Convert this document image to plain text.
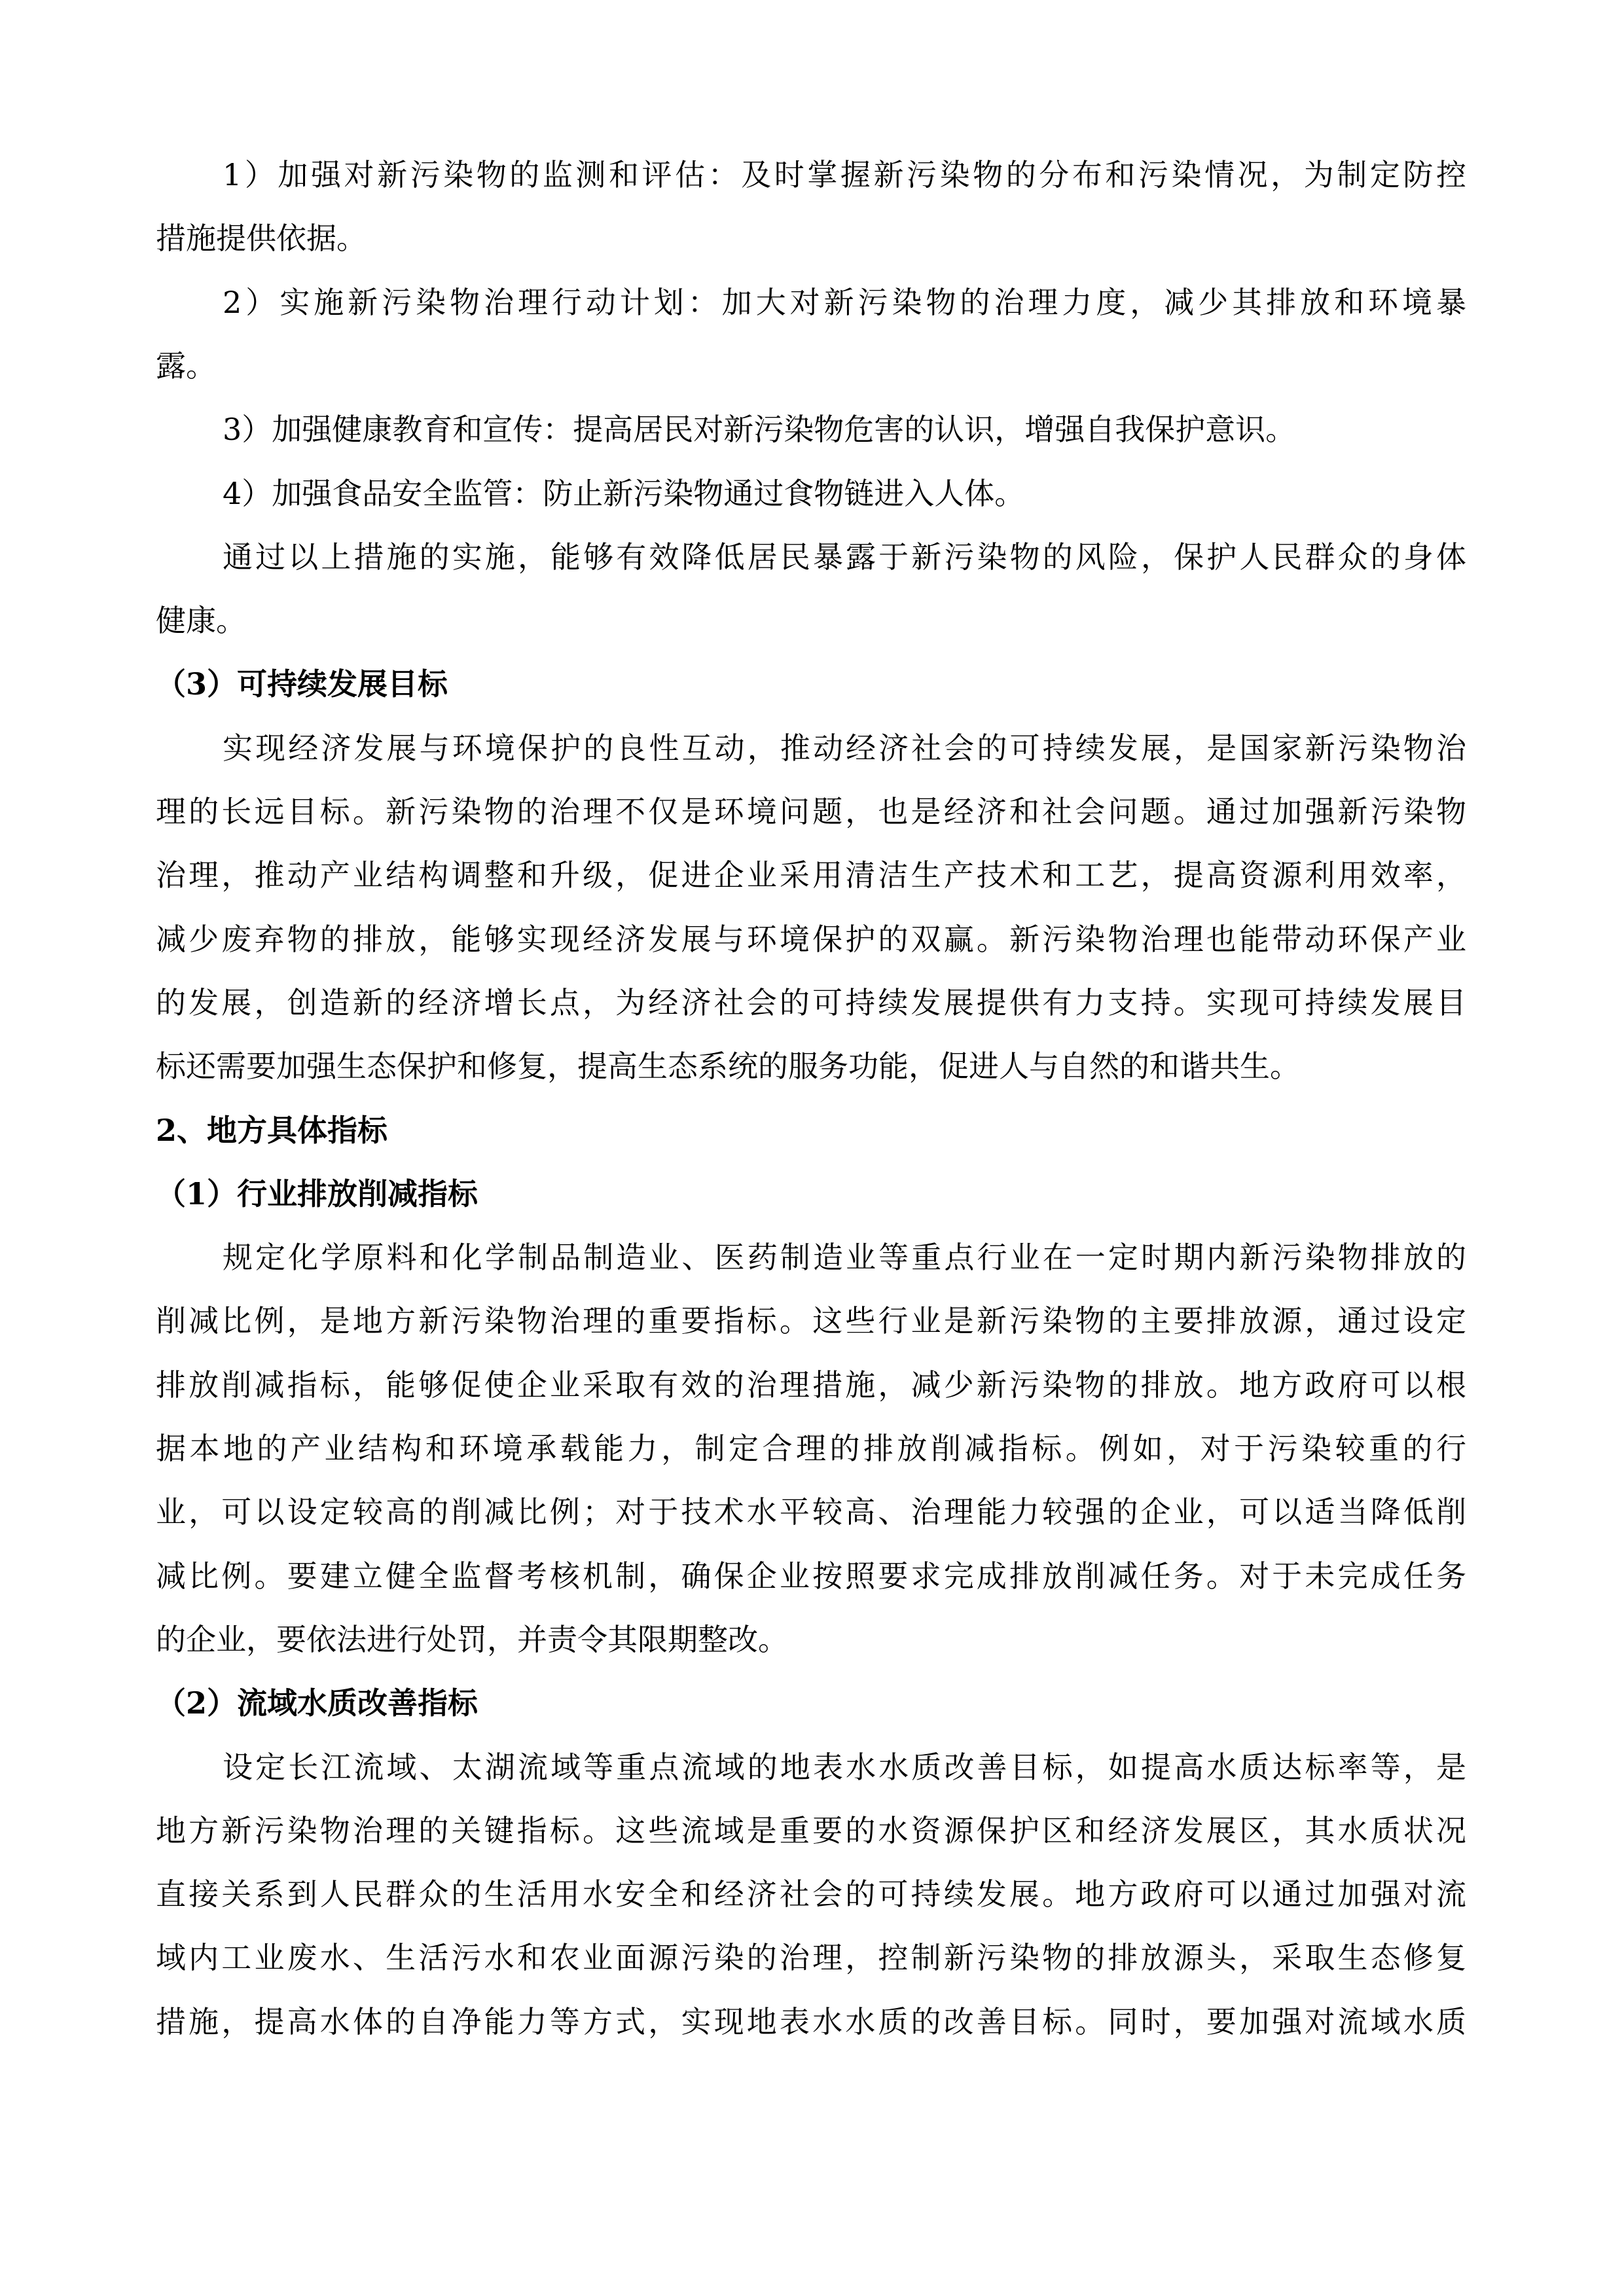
1）加强对新污染物的监测和评估：及时掌握新污染物的分布和污染情况，为制定防控
措施提供依据。
2）实施新污染物治理行动计划：加大对新污染物的治理力度，减少其排放和环境暴
露。
3）加强健康教育和宣传：提高居民对新污染物危害的认识，增强自我保护意识。
4）加强食品安全监管：防止新污染物通过食物链进入人体。
通过以上措施的实施，能够有效降低居民暴露于新污染物的风险，保护人民群众的身体
健康。
（3）可持续发展目标
实现经济发展与环境保护的良性互动，推动经济社会的可持续发展，是国家新污染物治
理的长远目标。新污染物的治理不仅是环境问题，也是经济和社会问题。通过加强新污染物
治理，推动产业结构调整和升级，促进企业采用清洁生产技术和工艺，提高资源利用效率，
减少废弃物的排放，能够实现经济发展与环境保护的双赢。新污染物治理也能带动环保产业
的发展，创造新的经济增长点，为经济社会的可持续发展提供有力支持。实现可持续发展目
标还需要加强生态保护和修复，提高生态系统的服务功能，促进人与自然的和谐共生。
2、地方具体指标
（1）行业排放削减指标
规定化学原料和化学制品制造业、医药制造业等重点行业在一定时期内新污染物排放的
削减比例，是地方新污染物治理的重要指标。这些行业是新污染物的主要排放源，通过设定
排放削减指标，能够促使企业采取有效的治理措施，减少新污染物的排放。地方政府可以根
据本地的产业结构和环境承载能力，制定合理的排放削减指标。例如，对于污染较重的行
业，可以设定较高的削减比例；对于技术水平较高、治理能力较强的企业，可以适当降低削
减比例。要建立健全监督考核机制，确保企业按照要求完成排放削减任务。对于未完成任务
的企业，要依法进行处罚，并责令其限期整改。
（2）流域水质改善指标
设定长江流域、太湖流域等重点流域的地表水水质改善目标，如提高水质达标率等，是
地方新污染物治理的关键指标。这些流域是重要的水资源保护区和经济发展区，其水质状况
直接关系到人民群众的生活用水安全和经济社会的可持续发展。地方政府可以通过加强对流
域内工业废水、生活污水和农业面源污染的治理，控制新污染物的排放源头，采取生态修复
措施，提高水体的自净能力等方式，实现地表水水质的改善目标。同时，要加强对流域水质
